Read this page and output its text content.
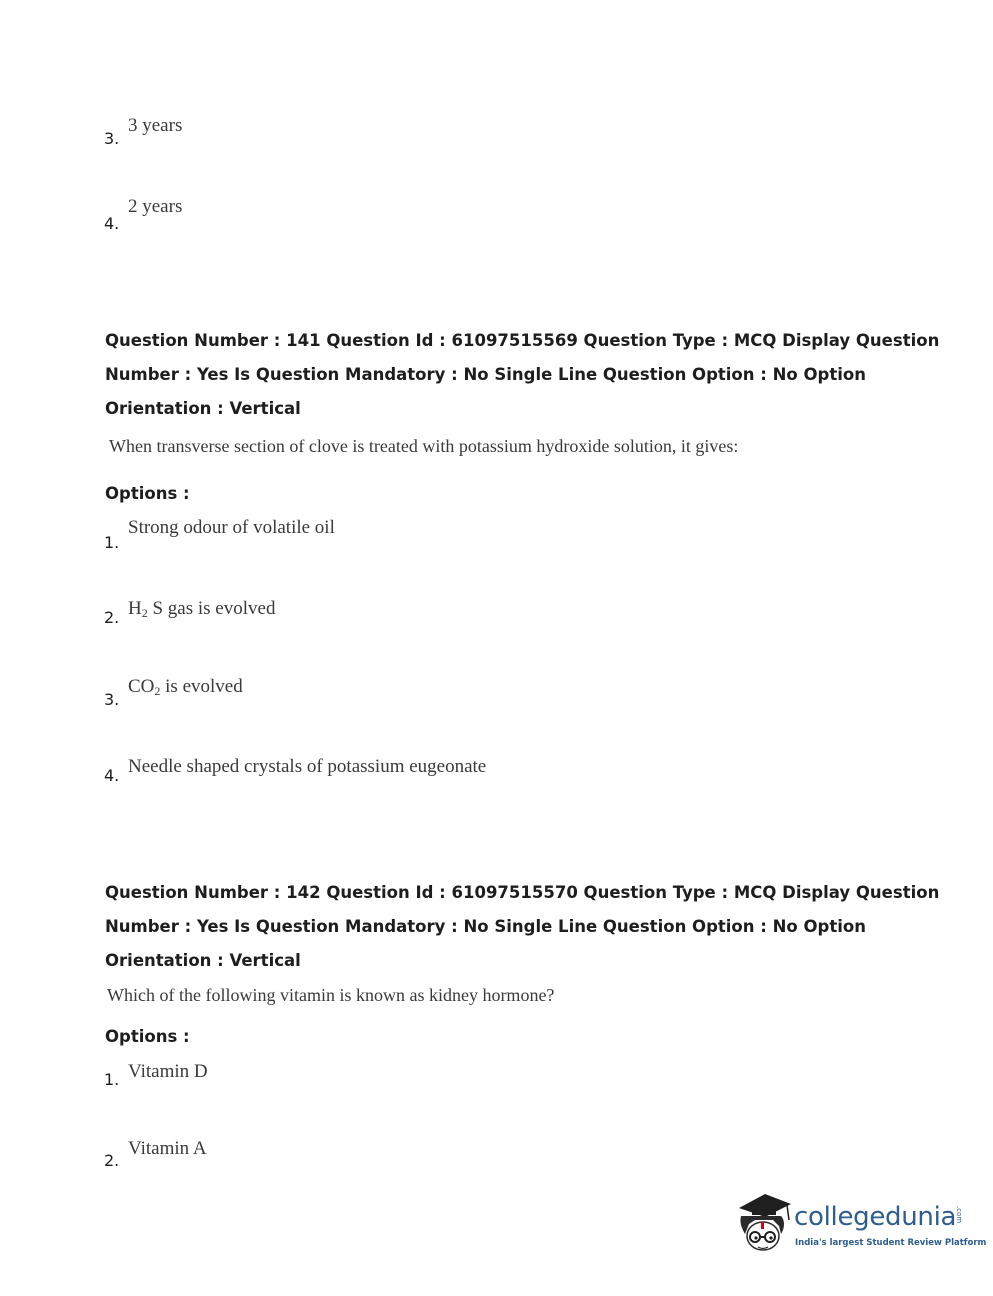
3.
3 years
4.
2 years
Question Number : 141 Question Id : 61097515569 Question Type : MCQ Display Question
Number : Yes Is Question Mandatory : No Single Line Question Option : No Option
Orientation : Vertical
When transverse section of clove is treated with potassium hydroxide solution, it gives:
Options :
1.
Strong odour of volatile oil
2. $H_2$ S gas is evolved
3.
$CO_2$ is evolved
4. Needle shaped crystals of potassium eugeonate
Question Number : 142 Question Id : 61097515570 Question Type : MCQ Display Question
Number : Yes Is Question Mandatory : No Single Line Question Option : No Option
Orientation : Vertical
Which of the following vitamin is known as kidney hormone?
Options :
1. Vitamin D
2.
Vitamin A
collegedunia
.com
India's largest Student Review Platform
